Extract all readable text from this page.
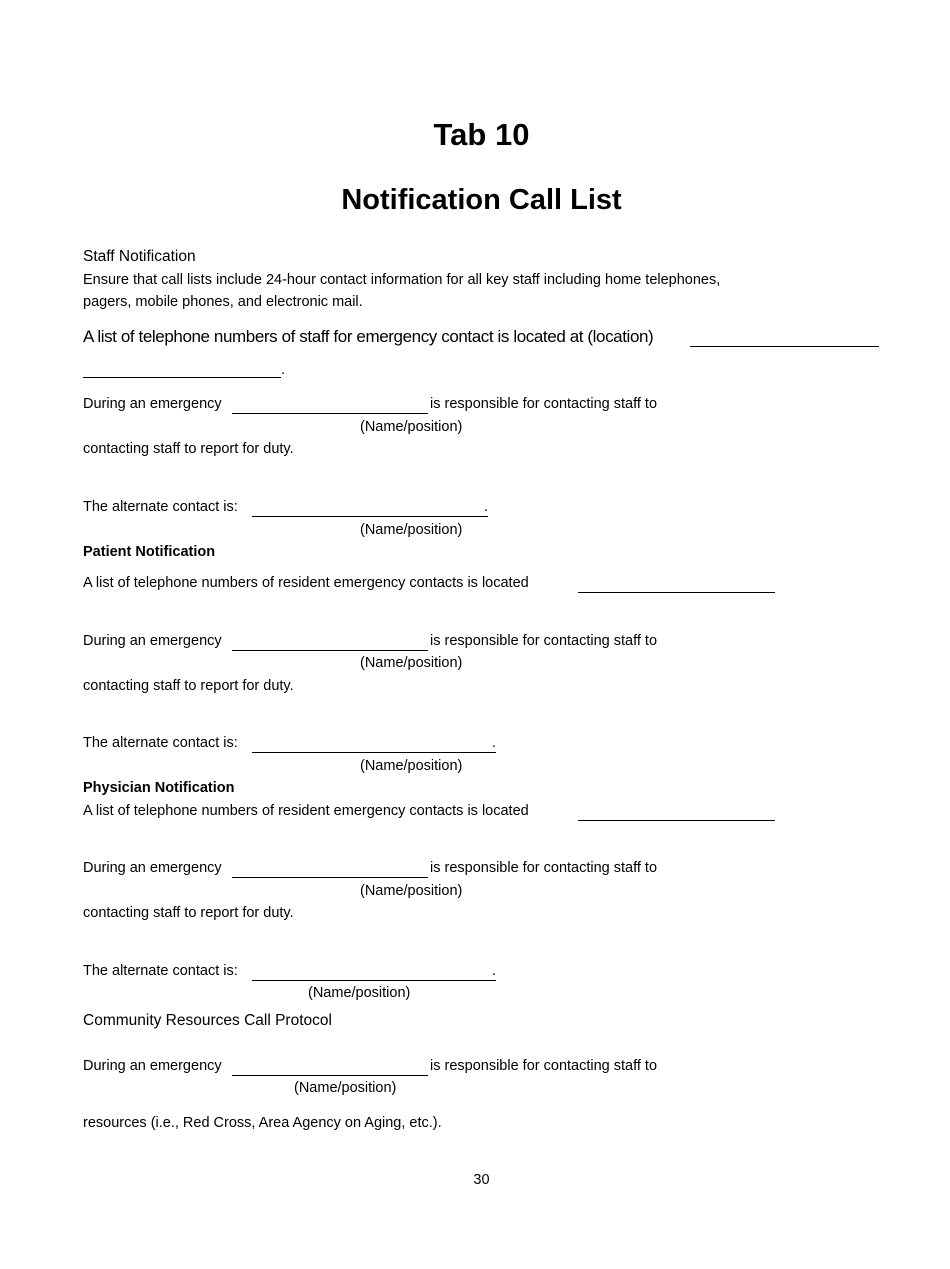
Tab 10
Notification Call List
Staff Notification
Ensure that call lists include 24-hour contact information for all key staff including home telephones,
pagers, mobile phones, and electronic mail.
A list of telephone numbers of staff for emergency contact is located at (location)
.
During an emergency	is responsible for contacting staff to
(Name/position)
contacting staff to report for duty.
The alternate contact is:	.
(Name/position)
Patient Notification
A list of telephone numbers of resident emergency contacts is located
During an emergency	is responsible for contacting staff to
(Name/position)
contacting staff to report for duty.
The alternate contact is:	.
(Name/position)
Physician Notification
A list of telephone numbers of resident emergency contacts is located
During an emergency	is responsible for contacting staff to
(Name/position)
contacting staff to report for duty.
The alternate contact is:	.
(Name/position)
Community Resources Call Protocol
During an emergency	is responsible for contacting staff to
(Name/position)
resources (i.e., Red Cross, Area Agency on Aging, etc.).
30
